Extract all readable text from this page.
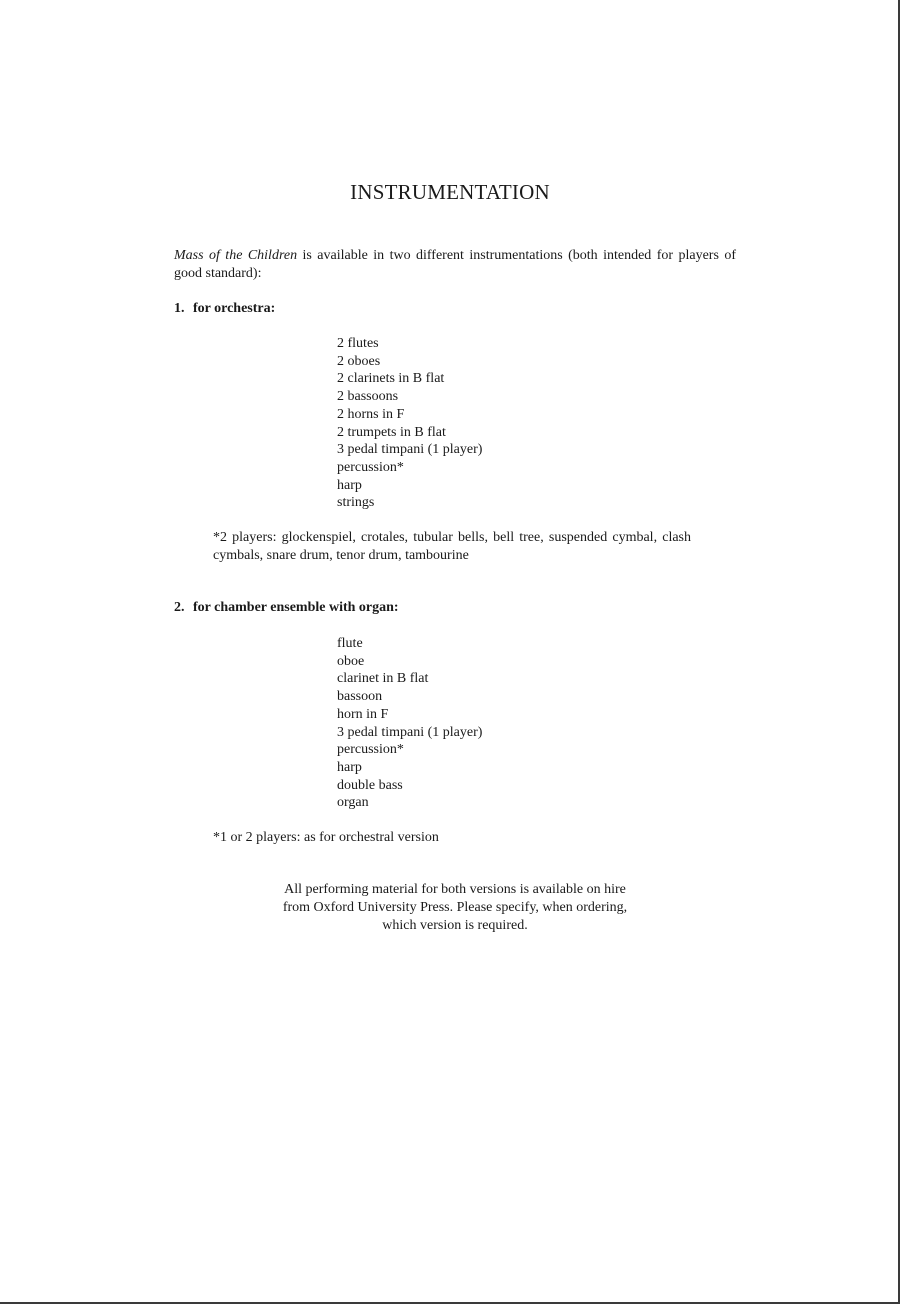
INSTRUMENTATION

Mass of the Children is available in two different instrumentations (both intended for players of good standard):

1. for orchestra:

2 flutes
2 oboes
2 clarinets in B flat
2 bassoons
2 horns in F
2 trumpets in B flat
3 pedal timpani (1 player)
percussion*
harp
strings

*2 players: glockenspiel, crotales, tubular bells, bell tree, suspended cymbal, clash cymbals, snare drum, tenor drum, tambourine

2. for chamber ensemble with organ:

flute
oboe
clarinet in B flat
bassoon
horn in F
3 pedal timpani (1 player)
percussion*
harp
double bass
organ

*1 or 2 players: as for orchestral version

All performing material for both versions is available on hire
from Oxford University Press. Please specify, when ordering,
which version is required.
